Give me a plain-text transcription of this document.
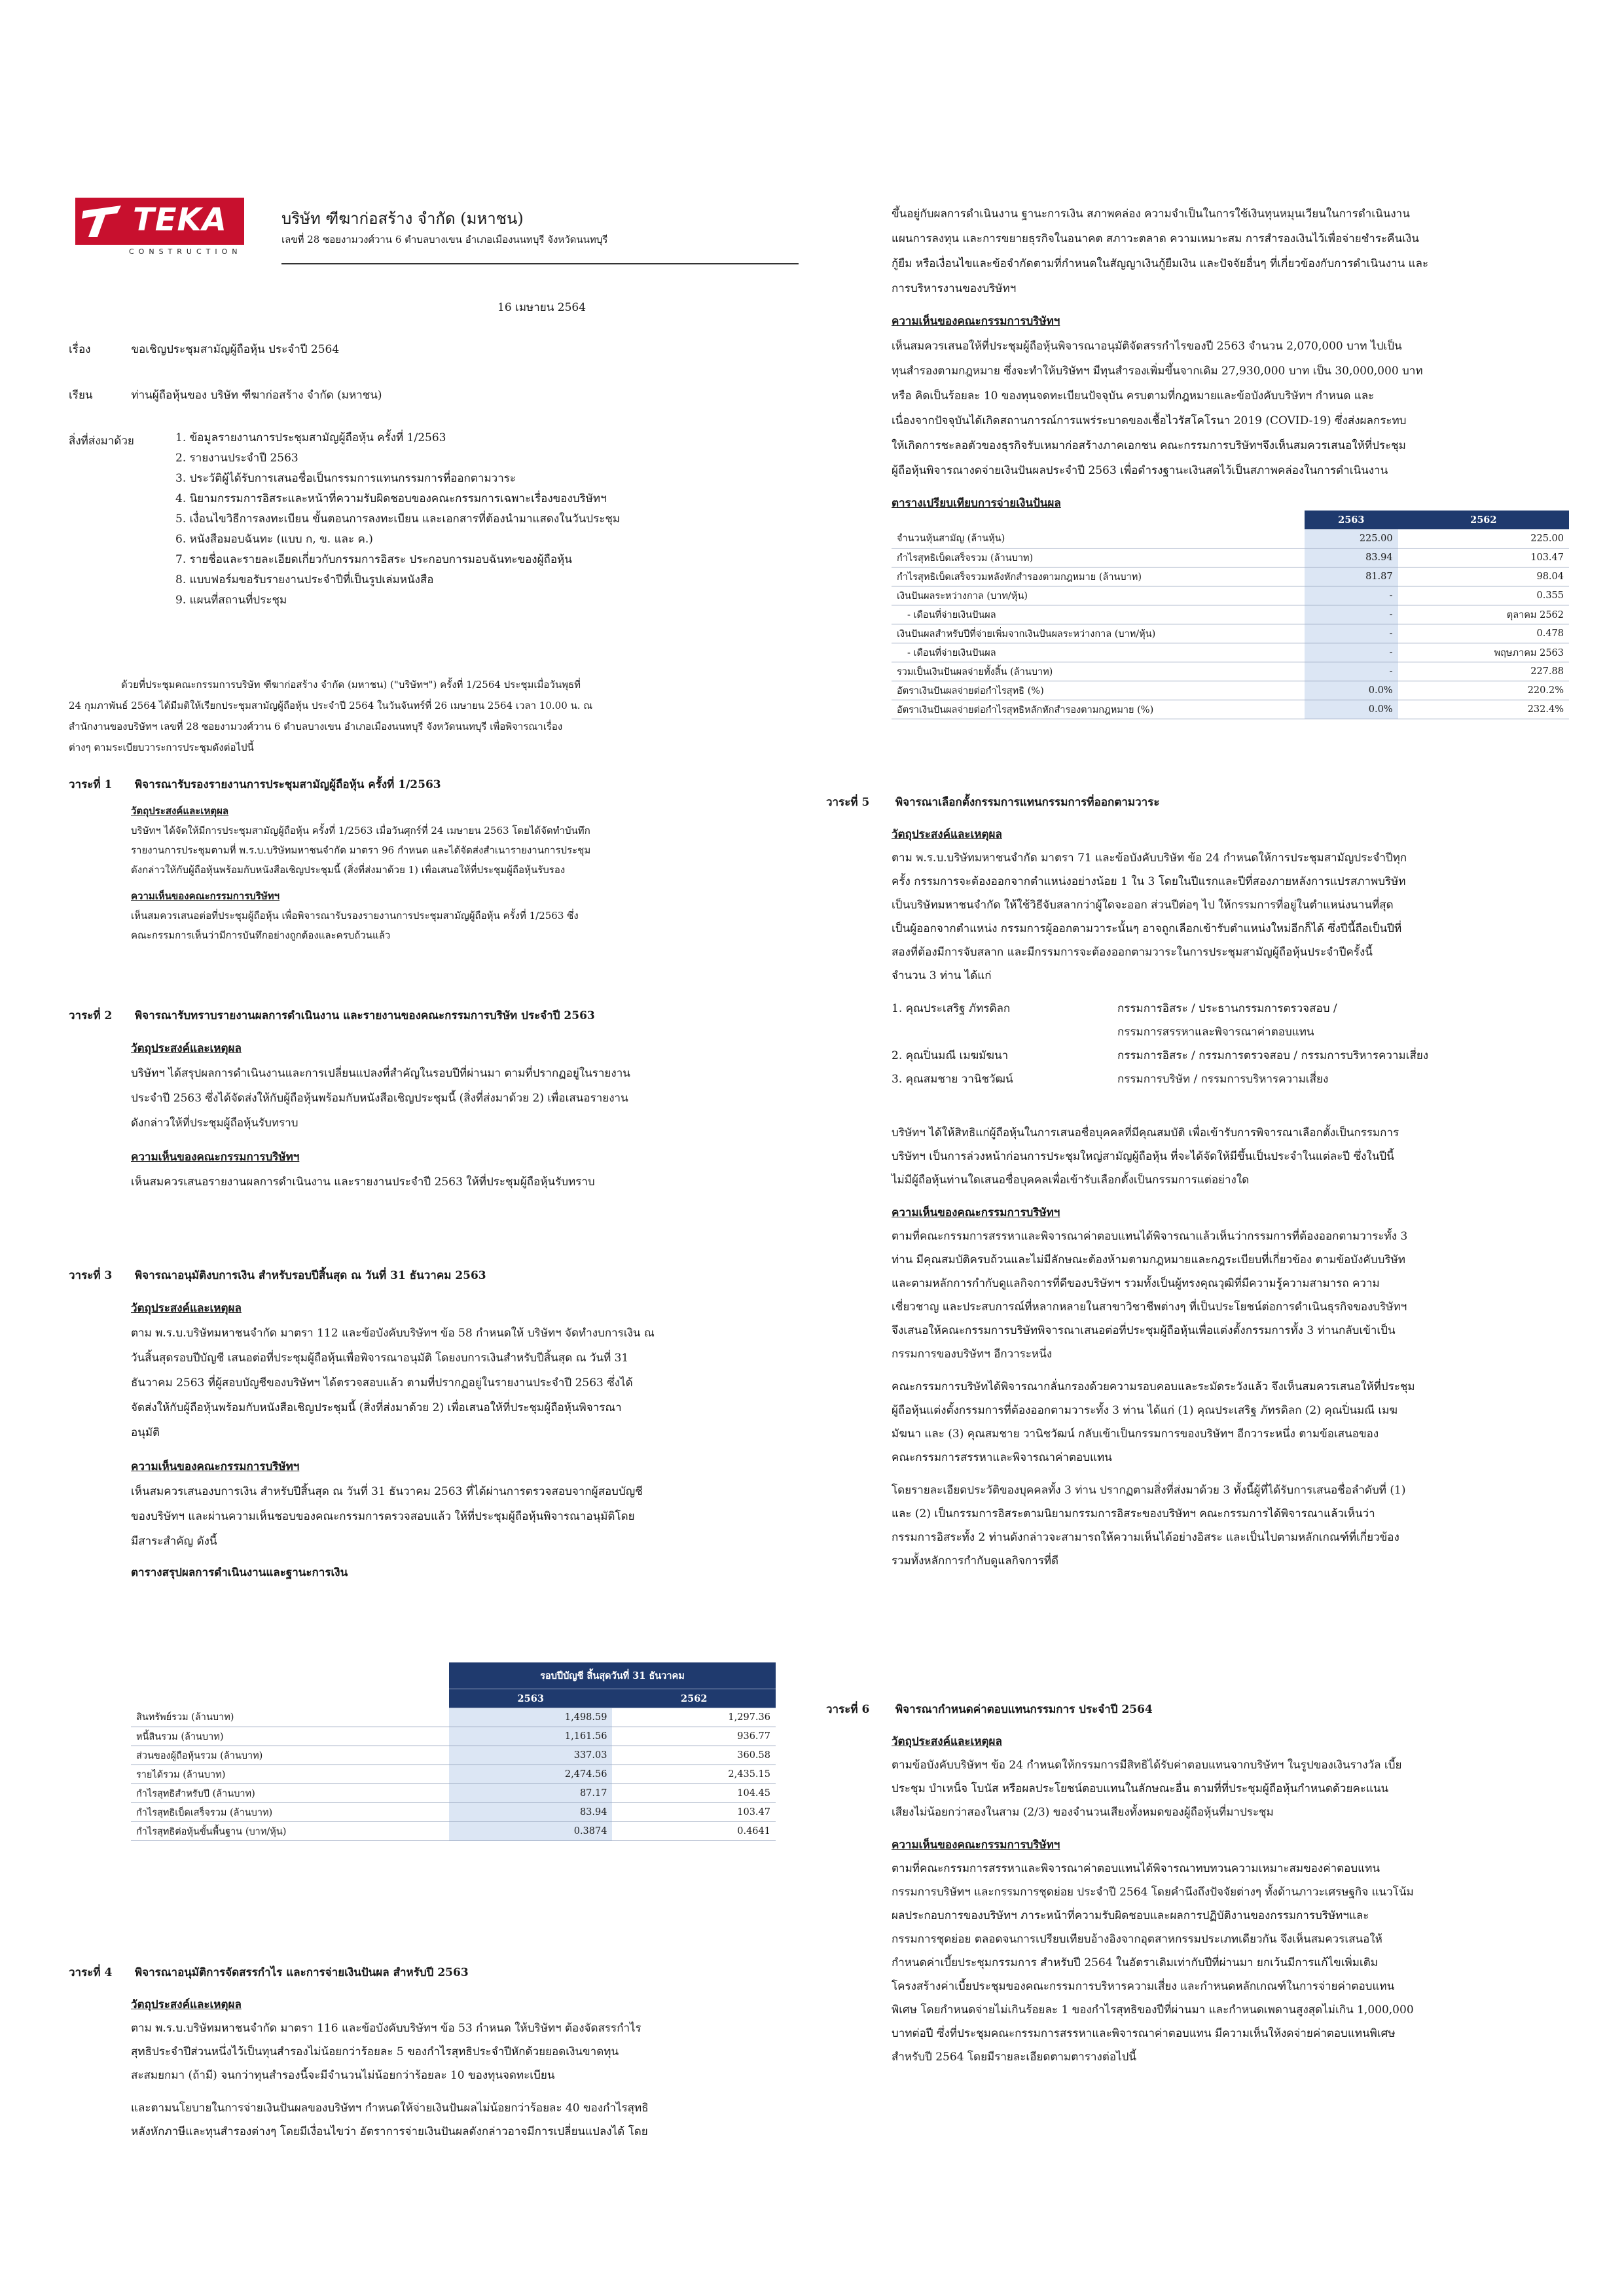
TEKA
CONSTRUCTION
บริษัท ฑีฆาก่อสร้าง จำกัด (มหาชน)
เลขที่ 28 ซอยงามวงศ์วาน 6 ตำบลบางเขน อำเภอเมืองนนทบุรี จังหวัดนนทบุรี
16 เมษายน 2564
เรื่อง	ขอเชิญประชุมสามัญผู้ถือหุ้น ประจำปี 2564
เรียน	ท่านผู้ถือหุ้นของ บริษัท ฑีฆาก่อสร้าง จำกัด (มหาชน)
สิ่งที่ส่งมาด้วย	1. ข้อมูลรายงานการประชุมสามัญผู้ถือหุ้น ครั้งที่ 1/2563

2. รายงานประจำปี 2563

3. ประวัติผู้ได้รับการเสนอชื่อเป็นกรรมการแทนกรรมการที่ออกตามวาระ

4. นิยามกรรมการอิสระและหน้าที่ความรับผิดชอบของคณะกรรมการเฉพาะเรื่องของบริษัทฯ

5. เงื่อนไขวิธีการลงทะเบียน ขั้นตอนการลงทะเบียน และเอกสารที่ต้องนำมาแสดงในวันประชุม

6. หนังสือมอบฉันทะ (แบบ ก, ข. และ ค.)

7. รายชื่อและรายละเอียดเกี่ยวกับกรรมการอิสระ ประกอบการมอบฉันทะของผู้ถือหุ้น

8. แบบฟอร์มขอรับรายงานประจำปีที่เป็นรูปเล่มหนังสือ

9. แผนที่สถานที่ประชุม

ด้วยที่ประชุมคณะกรรมการบริษัท ฑีฆาก่อสร้าง จำกัด (มหาชน) ("บริษัทฯ") ครั้งที่ 1/2564 ประชุมเมื่อวันพุธที่

24 กุมภาพันธ์ 2564 ได้มีมติให้เรียกประชุมสามัญผู้ถือหุ้น ประจำปี 2564 ในวันจันทร์ที่ 26 เมษายน 2564 เวลา 10.00 น. ณ

สำนักงานของบริษัทฯ เลขที่ 28 ซอยงามวงศ์วาน 6 ตำบลบางเขน อำเภอเมืองนนทบุรี จังหวัดนนทบุรี เพื่อพิจารณาเรื่อง

ต่างๆ ตามระเบียบวาระการประชุมดังต่อไปนี้

วาระที่ 1 พิจารณารับรองรายงานการประชุมสามัญผู้ถือหุ้น ครั้งที่ 1/2563

วัตถุประสงค์และเหตุผล

บริษัทฯ ได้จัดให้มีการประชุมสามัญผู้ถือหุ้น ครั้งที่ 1/2563 เมื่อวันศุกร์ที่ 24 เมษายน 2563 โดยได้จัดทำบันทึก

รายงานการประชุมตามที่ พ.ร.บ.บริษัทมหาชนจำกัด มาตรา 96 กำหนด และได้จัดส่งสำเนารายงานการประชุม

ดังกล่าวให้กับผู้ถือหุ้นพร้อมกับหนังสือเชิญประชุมนี้ (สิ่งที่ส่งมาด้วย 1) เพื่อเสนอให้ที่ประชุมผู้ถือหุ้นรับรอง

ความเห็นของคณะกรรมการบริษัทฯ

เห็นสมควรเสนอต่อที่ประชุมผู้ถือหุ้น เพื่อพิจารณารับรองรายงานการประชุมสามัญผู้ถือหุ้น ครั้งที่ 1/2563 ซึ่ง

คณะกรรมการเห็นว่ามีการบันทึกอย่างถูกต้องและครบถ้วนแล้ว

วาระที่ 2 พิจารณารับทราบรายงานผลการดำเนินงาน และรายงานของคณะกรรมการบริษัท ประจำปี 2563

วัตถุประสงค์และเหตุผล

บริษัทฯ ได้สรุปผลการดำเนินงานและการเปลี่ยนแปลงที่สำคัญในรอบปีที่ผ่านมา ตามที่ปรากฏอยู่ในรายงาน

ประจำปี 2563 ซึ่งได้จัดส่งให้กับผู้ถือหุ้นพร้อมกับหนังสือเชิญประชุมนี้ (สิ่งที่ส่งมาด้วย 2) เพื่อเสนอรายงาน

ดังกล่าวให้ที่ประชุมผู้ถือหุ้นรับทราบ

ความเห็นของคณะกรรมการบริษัทฯ

เห็นสมควรเสนอรายงานผลการดำเนินงาน และรายงานประจำปี 2563 ให้ที่ประชุมผู้ถือหุ้นรับทราบ

วาระที่ 3 พิจารณาอนุมัติงบการเงิน สำหรับรอบปีสิ้นสุด ณ วันที่ 31 ธันวาคม 2563

วัตถุประสงค์และเหตุผล

ตาม พ.ร.บ.บริษัทมหาชนจำกัด มาตรา 112 และข้อบังคับบริษัทฯ ข้อ 58 กำหนดให้ บริษัทฯ จัดทำงบการเงิน ณ

วันสิ้นสุดรอบปีบัญชี เสนอต่อที่ประชุมผู้ถือหุ้นเพื่อพิจารณาอนุมัติ โดยงบการเงินสำหรับปีสิ้นสุด ณ วันที่ 31

ธันวาคม 2563 ที่ผู้สอบบัญชีของบริษัทฯ ได้ตรวจสอบแล้ว ตามที่ปรากฏอยู่ในรายงานประจำปี 2563 ซึ่งได้

จัดส่งให้กับผู้ถือหุ้นพร้อมกับหนังสือเชิญประชุมนี้ (สิ่งที่ส่งมาด้วย 2) เพื่อเสนอให้ที่ประชุมผู้ถือหุ้นพิจารณา

อนุมัติ

ความเห็นของคณะกรรมการบริษัทฯ

เห็นสมควรเสนองบการเงิน สำหรับปีสิ้นสุด ณ วันที่ 31 ธันวาคม 2563 ที่ได้ผ่านการตรวจสอบจากผู้สอบบัญชี

ของบริษัทฯ และผ่านความเห็นชอบของคณะกรรมการตรวจสอบแล้ว ให้ที่ประชุมผู้ถือหุ้นพิจารณาอนุมัติโดย

มีสาระสำคัญ ดังนี้

ตารางสรุปผลการดำเนินงานและฐานะการเงิน

	รอบปีบัญชี สิ้นสุดวันที่ 31 ธันวาคม	
	2563	2562
สินทรัพย์รวม (ล้านบาท)	1,498.59	1,297.36
หนี้สินรวม (ล้านบาท)	1,161.56	936.77
ส่วนของผู้ถือหุ้นรวม (ล้านบาท)	337.03	360.58
รายได้รวม (ล้านบาท)	2,474.56	2,435.15
กำไรสุทธิสำหรับปี (ล้านบาท)	87.17	104.45
กำไรสุทธิเบ็ดเสร็จรวม (ล้านบาท)	83.94	103.47
กำไรสุทธิต่อหุ้นขั้นพื้นฐาน (บาท/หุ้น)	0.3874	0.4641
วาระที่ 4 พิจารณาอนุมัติการจัดสรรกำไร และการจ่ายเงินปันผล สำหรับปี 2563

วัตถุประสงค์และเหตุผล

ตาม พ.ร.บ.บริษัทมหาชนจำกัด มาตรา 116 และข้อบังคับบริษัทฯ ข้อ 53 กำหนด ให้บริษัทฯ ต้องจัดสรรกำไร

สุทธิประจำปีส่วนหนึ่งไว้เป็นทุนสำรองไม่น้อยกว่าร้อยละ 5 ของกำไรสุทธิประจำปีหักด้วยยอดเงินขาดทุน

สะสมยกมา (ถ้ามี) จนกว่าทุนสำรองนี้จะมีจำนวนไม่น้อยกว่าร้อยละ 10 ของทุนจดทะเบียน

และตามนโยบายในการจ่ายเงินปันผลของบริษัทฯ กำหนดให้จ่ายเงินปันผลไม่น้อยกว่าร้อยละ 40 ของกำไรสุทธิ

หลังหักภาษีและทุนสำรองต่างๆ โดยมีเงื่อนไขว่า อัตราการจ่ายเงินปันผลดังกล่าวอาจมีการเปลี่ยนแปลงได้ โดย

ขึ้นอยู่กับผลการดำเนินงาน ฐานะการเงิน สภาพคล่อง ความจำเป็นในการใช้เงินทุนหมุนเวียนในการดำเนินงาน

แผนการลงทุน และการขยายธุรกิจในอนาคต สภาวะตลาด ความเหมาะสม การสำรองเงินไว้เพื่อจ่ายชำระคืนเงิน

กู้ยืม หรือเงื่อนไขและข้อจำกัดตามที่กำหนดในสัญญาเงินกู้ยืมเงิน และปัจจัยอื่นๆ ที่เกี่ยวข้องกับการดำเนินงาน และ

การบริหารงานของบริษัทฯ

ความเห็นของคณะกรรมการบริษัทฯ

เห็นสมควรเสนอให้ที่ประชุมผู้ถือหุ้นพิจารณาอนุมัติจัดสรรกำไรของปี 2563 จำนวน 2,070,000 บาท ไปเป็น

ทุนสำรองตามกฎหมาย ซึ่งจะทำให้บริษัทฯ มีทุนสำรองเพิ่มขึ้นจากเดิม 27,930,000 บาท เป็น 30,000,000 บาท

หรือ คิดเป็นร้อยละ 10 ของทุนจดทะเบียนปัจจุบัน ครบตามที่กฎหมายและข้อบังคับบริษัทฯ กำหนด และ

เนื่องจากปัจจุบันได้เกิดสถานการณ์การแพร่ระบาดของเชื้อไวรัสโคโรนา 2019 (COVID-19) ซึ่งส่งผลกระทบ

ให้เกิดการชะลอตัวของธุรกิจรับเหมาก่อสร้างภาคเอกชน คณะกรรมการบริษัทฯจึงเห็นสมควรเสนอให้ที่ประชุม

ผู้ถือหุ้นพิจารณางดจ่ายเงินปันผลประจำปี 2563 เพื่อดำรงฐานะเงินสดไว้เป็นสภาพคล่องในการดำเนินงาน

ตารางเปรียบเทียบการจ่ายเงินปันผล

	2563	2562
จำนวนหุ้นสามัญ (ล้านหุ้น)	225.00	225.00
กำไรสุทธิเบ็ดเสร็จรวม (ล้านบาท)	83.94	103.47
กำไรสุทธิเบ็ดเสร็จรวมหลังหักสำรองตามกฎหมาย (ล้านบาท)	81.87	98.04
เงินปันผลระหว่างกาล (บาท/หุ้น)	-	0.355
- เดือนที่จ่ายเงินปันผล	-	ตุลาคม 2562
เงินปันผลสำหรับปีที่จ่ายเพิ่มจากเงินปันผลระหว่างกาล (บาท/หุ้น)	-	0.478
- เดือนที่จ่ายเงินปันผล	-	พฤษภาคม 2563
รวมเป็นเงินปันผลจ่ายทั้งสิ้น (ล้านบาท)	-	227.88
อัตราเงินปันผลจ่ายต่อกำไรสุทธิ (%)	0.0%	220.2%
อัตราเงินปันผลจ่ายต่อกำไรสุทธิหลักหักสำรองตามกฎหมาย (%)	0.0%	232.4%
วาระที่ 5 พิจารณาเลือกตั้งกรรมการแทนกรรมการที่ออกตามวาระ

วัตถุประสงค์และเหตุผล

ตาม พ.ร.บ.บริษัทมหาชนจำกัด มาตรา 71 และข้อบังคับบริษัท ข้อ 24 กำหนดให้การประชุมสามัญประจำปีทุก

ครั้ง กรรมการจะต้องออกจากตำแหน่งอย่างน้อย 1 ใน 3 โดยในปีแรกและปีที่สองภายหลังการแปรสภาพบริษัท

เป็นบริษัทมหาชนจำกัด ให้ใช้วิธีจับสลากว่าผู้ใดจะออก ส่วนปีต่อๆ ไป ให้กรรมการที่อยู่ในตำแหน่งนานที่สุด

เป็นผู้ออกจากตำแหน่ง กรรมการผู้ออกตามวาระนั้นๆ อาจถูกเลือกเข้ารับตำแหน่งใหม่อีกก็ได้ ซึ่งปีนี้ถือเป็นปีที่

สองที่ต้องมีการจับสลาก และมีกรรมการจะต้องออกตามวาระในการประชุมสามัญผู้ถือหุ้นประจำปีครั้งนี้

จำนวน 3 ท่าน ได้แก่

1. คุณประเสริฐ ภัทรดิลก	กรรมการอิสระ / ประธานกรรมการตรวจสอบ /

กรรมการสรรหาและพิจารณาค่าตอบแทน

2. คุณปิ่นมณี เมฆมัฆนา	กรรมการอิสระ / กรรมการตรวจสอบ / กรรมการบริหารความเสี่ยง

3. คุณสมชาย วานิชวัฒน์	กรรมการบริษัท / กรรมการบริหารความเสี่ยง

บริษัทฯ ได้ให้สิทธิแก่ผู้ถือหุ้นในการเสนอชื่อบุคคลที่มีคุณสมบัติ เพื่อเข้ารับการพิจารณาเลือกตั้งเป็นกรรมการ

บริษัทฯ เป็นการล่วงหน้าก่อนการประชุมใหญ่สามัญผู้ถือหุ้น ที่จะได้จัดให้มีขึ้นเป็นประจำในแต่ละปี ซึ่งในปีนี้

ไม่มีผู้ถือหุ้นท่านใดเสนอชื่อบุคคลเพื่อเข้ารับเลือกตั้งเป็นกรรมการแต่อย่างใด

ความเห็นของคณะกรรมการบริษัทฯ

ตามที่คณะกรรมการสรรหาและพิจารณาค่าตอบแทนได้พิจารณาแล้วเห็นว่ากรรมการที่ต้องออกตามวาระทั้ง 3

ท่าน มีคุณสมบัติครบถ้วนและไม่มีลักษณะต้องห้ามตามกฎหมายและกฎระเบียบที่เกี่ยวข้อง ตามข้อบังคับบริษัท

และตามหลักการกำกับดูแลกิจการที่ดีของบริษัทฯ รวมทั้งเป็นผู้ทรงคุณวุฒิที่มีความรู้ความสามารถ ความ

เชี่ยวชาญ และประสบการณ์ที่หลากหลายในสาขาวิชาชีพต่างๆ ที่เป็นประโยชน์ต่อการดำเนินธุรกิจของบริษัทฯ

จึงเสนอให้คณะกรรมการบริษัทพิจารณาเสนอต่อที่ประชุมผู้ถือหุ้นเพื่อแต่งตั้งกรรมการทั้ง 3 ท่านกลับเข้าเป็น

กรรมการของบริษัทฯ อีกวาระหนึ่ง

คณะกรรมการบริษัทได้พิจารณากลั่นกรองด้วยความรอบคอบและระมัดระวังแล้ว จึงเห็นสมควรเสนอให้ที่ประชุม

ผู้ถือหุ้นแต่งตั้งกรรมการที่ต้องออกตามวาระทั้ง 3 ท่าน ได้แก่ (1) คุณประเสริฐ ภัทรดิลก (2) คุณปิ่นมณี เมฆ

มัฆนา และ (3) คุณสมชาย วานิชวัฒน์ กลับเข้าเป็นกรรมการของบริษัทฯ อีกวาระหนึ่ง ตามข้อเสนอของ

คณะกรรมการสรรหาและพิจารณาค่าตอบแทน

โดยรายละเอียดประวัติของบุคคลทั้ง 3 ท่าน ปรากฏตามสิ่งที่ส่งมาด้วย 3 ทั้งนี้ผู้ที่ได้รับการเสนอชื่อลำดับที่ (1)

และ (2) เป็นกรรมการอิสระตามนิยามกรรมการอิสระของบริษัทฯ คณะกรรมการได้พิจารณาแล้วเห็นว่า

กรรมการอิสระทั้ง 2 ท่านดังกล่าวจะสามารถให้ความเห็นได้อย่างอิสระ และเป็นไปตามหลักเกณฑ์ที่เกี่ยวข้อง

รวมทั้งหลักการกำกับดูแลกิจการที่ดี

วาระที่ 6 พิจารณากำหนดค่าตอบแทนกรรมการ ประจำปี 2564

วัตถุประสงค์และเหตุผล

ตามข้อบังคับบริษัทฯ ข้อ 24 กำหนดให้กรรมการมีสิทธิได้รับค่าตอบแทนจากบริษัทฯ ในรูปของเงินรางวัล เบี้ย

ประชุม บำเหน็จ โบนัส หรือผลประโยชน์ตอบแทนในลักษณะอื่น ตามที่ที่ประชุมผู้ถือหุ้นกำหนดด้วยคะแนน

เสียงไม่น้อยกว่าสองในสาม (2/3) ของจำนวนเสียงทั้งหมดของผู้ถือหุ้นที่มาประชุม

ความเห็นของคณะกรรมการบริษัทฯ

ตามที่คณะกรรมการสรรหาและพิจารณาค่าตอบแทนได้พิจารณาทบทวนความเหมาะสมของค่าตอบแทน

กรรมการบริษัทฯ และกรรมการชุดย่อย ประจำปี 2564 โดยคำนึงถึงปัจจัยต่างๆ ทั้งด้านภาวะเศรษฐกิจ แนวโน้ม

ผลประกอบการของบริษัทฯ ภาระหน้าที่ความรับผิดชอบและผลการปฏิบัติงานของกรรมการบริษัทฯและ

กรรมการชุดย่อย ตลอดจนการเปรียบเทียบอ้างอิงจากอุตสาหกรรมประเภทเดียวกัน จึงเห็นสมควรเสนอให้

กำหนดค่าเบี้ยประชุมกรรมการ สำหรับปี 2564 ในอัตราเดิมเท่ากับปีที่ผ่านมา ยกเว้นมีการแก้ไขเพิ่มเติม

โครงสร้างค่าเบี้ยประชุมของคณะกรรมการบริหารความเสี่ยง และกำหนดหลักเกณฑ์ในการจ่ายค่าตอบแทน

พิเศษ โดยกำหนดจ่ายไม่เกินร้อยละ 1 ของกำไรสุทธิของปีที่ผ่านมา และกำหนดเพดานสูงสุดไม่เกิน 1,000,000

บาทต่อปี ซึ่งที่ประชุมคณะกรรมการสรรหาและพิจารณาค่าตอบแทน มีความเห็นให้งดจ่ายค่าตอบแทนพิเศษ

สำหรับปี 2564 โดยมีรายละเอียดตามตารางต่อไปนี้
